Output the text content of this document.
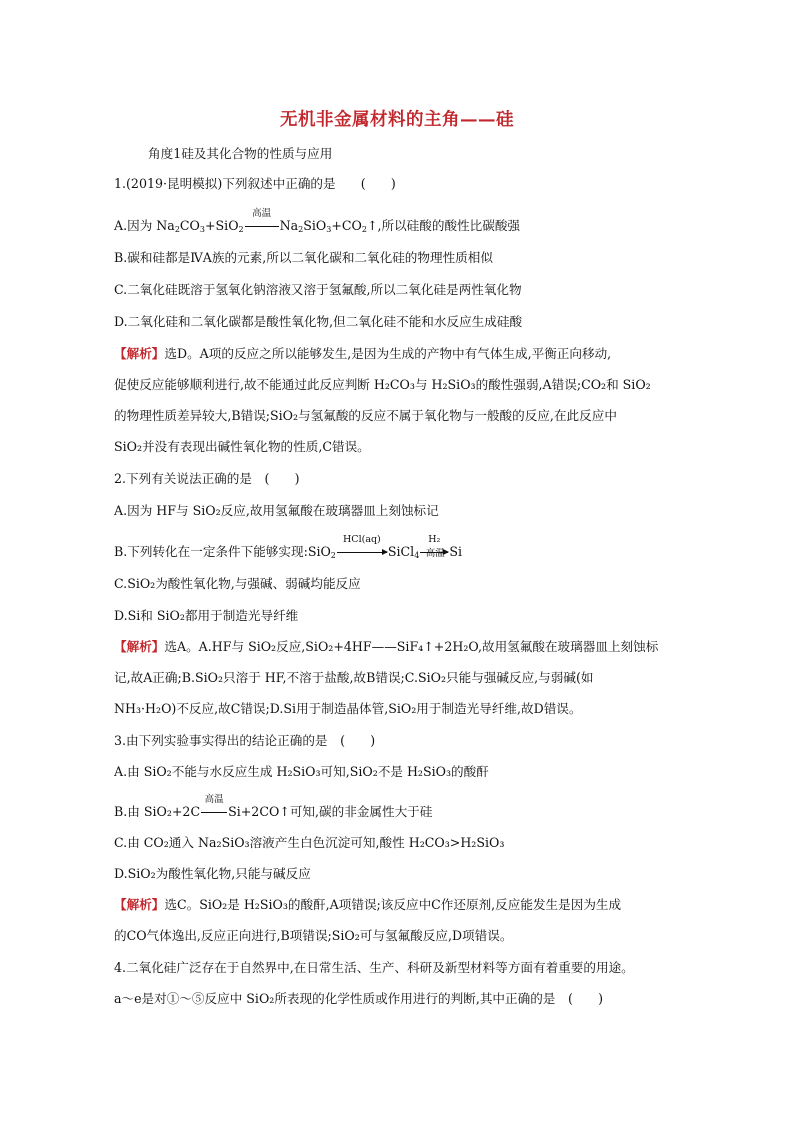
无机非金属材料的主角——硅
角度1硅及其化合物的性质与应用
1.(2019·昆明模拟)下列叙述中正确的是　　(　　)
A.因为 $Na_2CO_3+SiO_2$
高温
$Na_2SiO_3+CO_2↑$,所以硅酸的酸性比碳酸强
B.碳和硅都是ⅣA族的元素,所以二氧化碳和二氧化硅的物理性质相似
C.二氧化硅既溶于氢氧化钠溶液又溶于氢氟酸,所以二氧化硅是两性氧化物
D.二氧化硅和二氧化碳都是酸性氧化物,但二氧化硅不能和水反应生成硅酸
【解析】选D。A项的反应之所以能够发生,是因为生成的产物中有气体生成,平衡正向移动,
促使反应能够顺利进行,故不能通过此反应判断 H₂CO₃与 H₂SiO₃的酸性强弱,A错误;CO₂和 SiO₂
的物理性质差异较大,B错误;SiO₂与氢氟酸的反应不属于氧化物与一般酸的反应,在此反应中
SiO₂并没有表现出碱性氧化物的性质,C错误。
2.下列有关说法正确的是　(　　)
A.因为 HF与 SiO₂反应,故用氢氟酸在玻璃器皿上刻蚀标记
B.下列转化在一定条件下能够实现:SiO$_2$
HCl(aq)
SiCl$_4$
H₂
高温 Si
C.SiO₂为酸性氧化物,与强碱、弱碱均能反应
D.Si和 SiO₂都用于制造光导纤维
【解析】选A。A.HF与 SiO₂反应,SiO₂+4HF——SiF₄↑+2H₂O,故用氢氟酸在玻璃器皿上刻蚀标
记,故A正确;B.SiO₂只溶于 HF,不溶于盐酸,故B错误;C.SiO₂只能与强碱反应,与弱碱(如
NH₃·H₂O)不反应,故C错误;D.Si用于制造晶体管,SiO₂用于制造光导纤维,故D错误。
3.由下列实验事实得出的结论正确的是　(　　)
A.由 SiO₂不能与水反应生成 H₂SiO₃可知,SiO₂不是 H₂SiO₃的酸酐
B.由 SiO₂+2C
高温
Si+2CO↑可知,碳的非金属性大于硅
C.由 CO₂通入 Na₂SiO₃溶液产生白色沉淀可知,酸性 H₂CO₃>H₂SiO₃
D.SiO₂为酸性氧化物,只能与碱反应
【解析】选C。SiO₂是 H₂SiO₃的酸酐,A项错误;该反应中C作还原剂,反应能发生是因为生成
的CO气体逸出,反应正向进行,B项错误;SiO₂可与氢氟酸反应,D项错误。
4.二氧化硅广泛存在于自然界中,在日常生活、生产、科研及新型材料等方面有着重要的用途。
a～e是对①～⑤反应中 SiO₂所表现的化学性质或作用进行的判断,其中正确的是　(　　)
